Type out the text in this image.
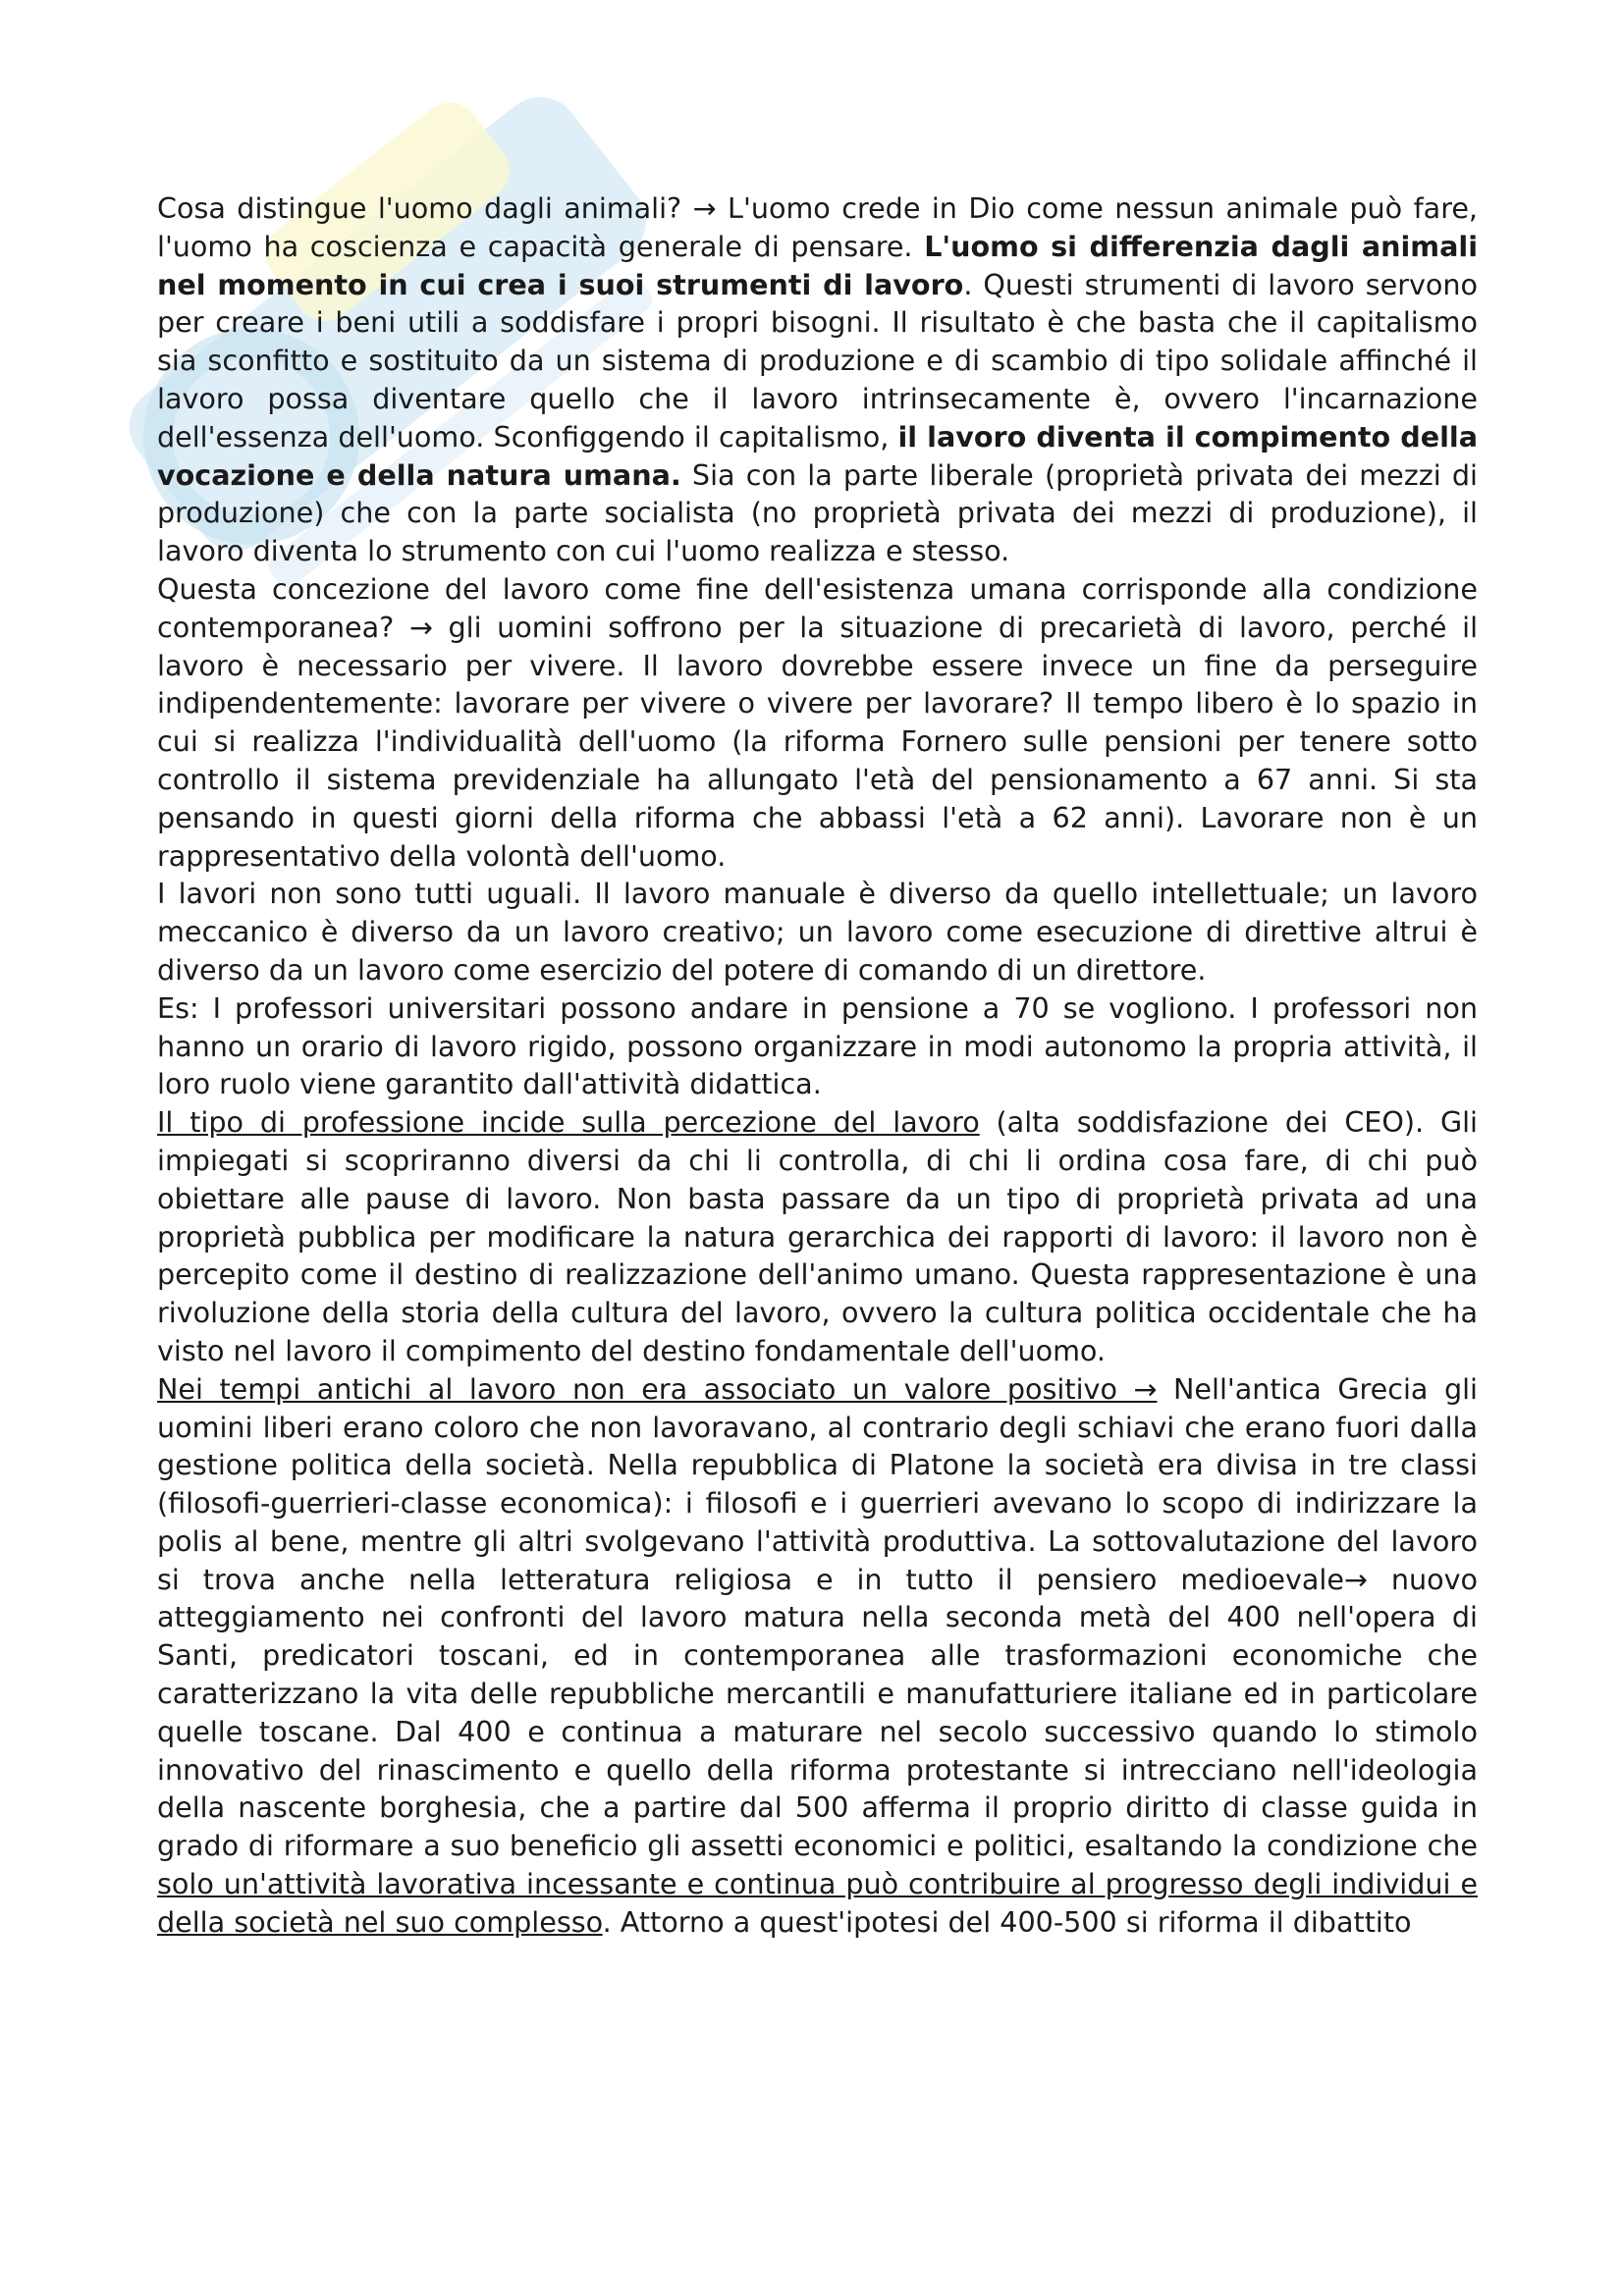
Cosa distingue l'uomo dagli animali? → L'uomo crede in Dio come nessun animale può fare, l'uomo ha coscienza e capacità generale di pensare. L'uomo si differenzia dagli animali nel momento in cui crea i suoi strumenti di lavoro. Questi strumenti di lavoro servono per creare i beni utili a soddisfare i propri bisogni. Il risultato è che basta che il capitalismo sia sconfitto e sostituito da un sistema di produzione e di scambio di tipo solidale affinché il lavoro possa diventare quello che il lavoro intrinsecamente è, ovvero l'incarnazione dell'essenza dell'uomo. Sconfiggendo il capitalismo, il lavoro diventa il compimento della vocazione e della natura umana. Sia con la parte liberale (proprietà privata dei mezzi di produzione) che con la parte socialista (no proprietà privata dei mezzi di produzione), il lavoro diventa lo strumento con cui l'uomo realizza e stesso.

Questa concezione del lavoro come fine dell'esistenza umana corrisponde alla condizione contemporanea? → gli uomini soffrono per la situazione di precarietà di lavoro, perché il lavoro è necessario per vivere. Il lavoro dovrebbe essere invece un fine da perseguire indipendentemente: lavorare per vivere o vivere per lavorare? Il tempo libero è lo spazio in cui si realizza l'individualità dell'uomo (la riforma Fornero sulle pensioni per tenere sotto controllo il sistema previdenziale ha allungato l'età del pensionamento a 67 anni. Si sta pensando in questi giorni della riforma che abbassi l'età a 62 anni). Lavorare non è un rappresentativo della volontà dell'uomo.

I lavori non sono tutti uguali. Il lavoro manuale è diverso da quello intellettuale; un lavoro meccanico è diverso da un lavoro creativo; un lavoro come esecuzione di direttive altrui è diverso da un lavoro come esercizio del potere di comando di un direttore.

Es: I professori universitari possono andare in pensione a 70 se vogliono. I professori non hanno un orario di lavoro rigido, possono organizzare in modi autonomo la propria attività, il loro ruolo viene garantito dall'attività didattica.

Il tipo di professione incide sulla percezione del lavoro (alta soddisfazione dei CEO). Gli impiegati si scopriranno diversi da chi li controlla, di chi li ordina cosa fare, di chi può obiettare alle pause di lavoro. Non basta passare da un tipo di proprietà privata ad una proprietà pubblica per modificare la natura gerarchica dei rapporti di lavoro: il lavoro non è percepito come il destino di realizzazione dell'animo umano. Questa rappresentazione è una rivoluzione della storia della cultura del lavoro, ovvero la cultura politica occidentale che ha visto nel lavoro il compimento del destino fondamentale dell'uomo.

Nei tempi antichi al lavoro non era associato un valore positivo → Nell'antica Grecia gli uomini liberi erano coloro che non lavoravano, al contrario degli schiavi che erano fuori dalla gestione politica della società. Nella repubblica di Platone la società era divisa in tre classi (filosofi-guerrieri-classe economica): i filosofi e i guerrieri avevano lo scopo di indirizzare la polis al bene, mentre gli altri svolgevano l'attività produttiva. La sottovalutazione del lavoro si trova anche nella letteratura religiosa e in tutto il pensiero medioevale→ nuovo atteggiamento nei confronti del lavoro matura nella seconda metà del 400 nell'opera di Santi, predicatori toscani, ed in contemporanea alle trasformazioni economiche che caratterizzano la vita delle repubbliche mercantili e manufatturiere italiane ed in particolare quelle toscane. Dal 400 e continua a maturare nel secolo successivo quando lo stimolo innovativo del rinascimento e quello della riforma protestante si intrecciano nell'ideologia della nascente borghesia, che a partire dal 500 afferma il proprio diritto di classe guida in grado di riformare a suo beneficio gli assetti economici e politici, esaltando la condizione che solo un'attività lavorativa incessante e continua può contribuire al progresso degli individui e della società nel suo complesso. Attorno a quest'ipotesi del 400-500 si riforma il dibattito
